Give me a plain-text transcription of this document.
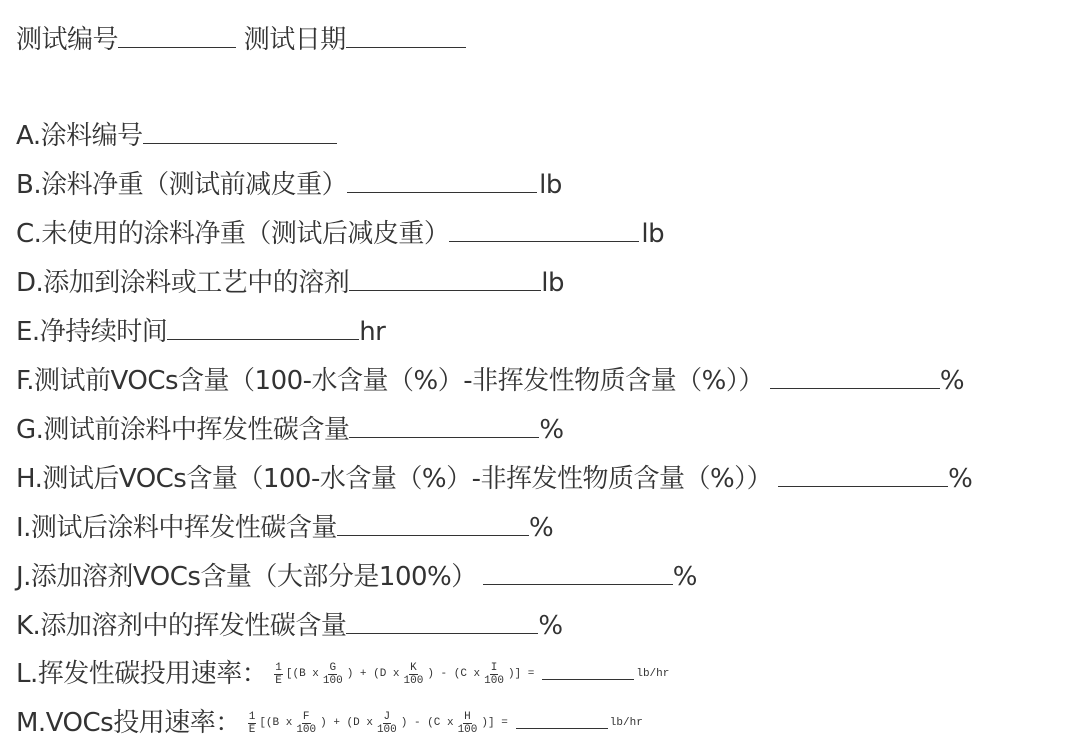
测试编号	测试日期
A.涂料编号
B.涂料净重（测试前减皮重）	lb
C.未使用的涂料净重（测试后减皮重）	lb
D.添加到涂料或工艺中的溶剂	lb
E.净持续时间	hr
F.测试前VOCs含量（100-水含量（%）-非挥发性物质含量（%））	%
G.测试前涂料中挥发性碳含量	%
H.测试后VOCs含量（100-水含量（%）-非挥发性物质含量（%））	%
I.测试后涂料中挥发性碳含量	%
J.添加溶剂VOCs含量（大部分是100%）	%
K.添加溶剂中的挥发性碳含量	%
L.挥发性碳投用速率： $\frac{1}{E} [(B$ x $\frac{G}{100}$ ) + (D x $\frac{K}{100}$ ) - (C x $\frac{I}{100}$ )] =	lb/hr
M.VOCs投用速率： $\frac{1}{E} [(B$ x $\frac{F}{100}$ ) + (D x $\frac{J}{100}$ ) - (C x $\frac{H}{100}$ )] =	lb/hr
